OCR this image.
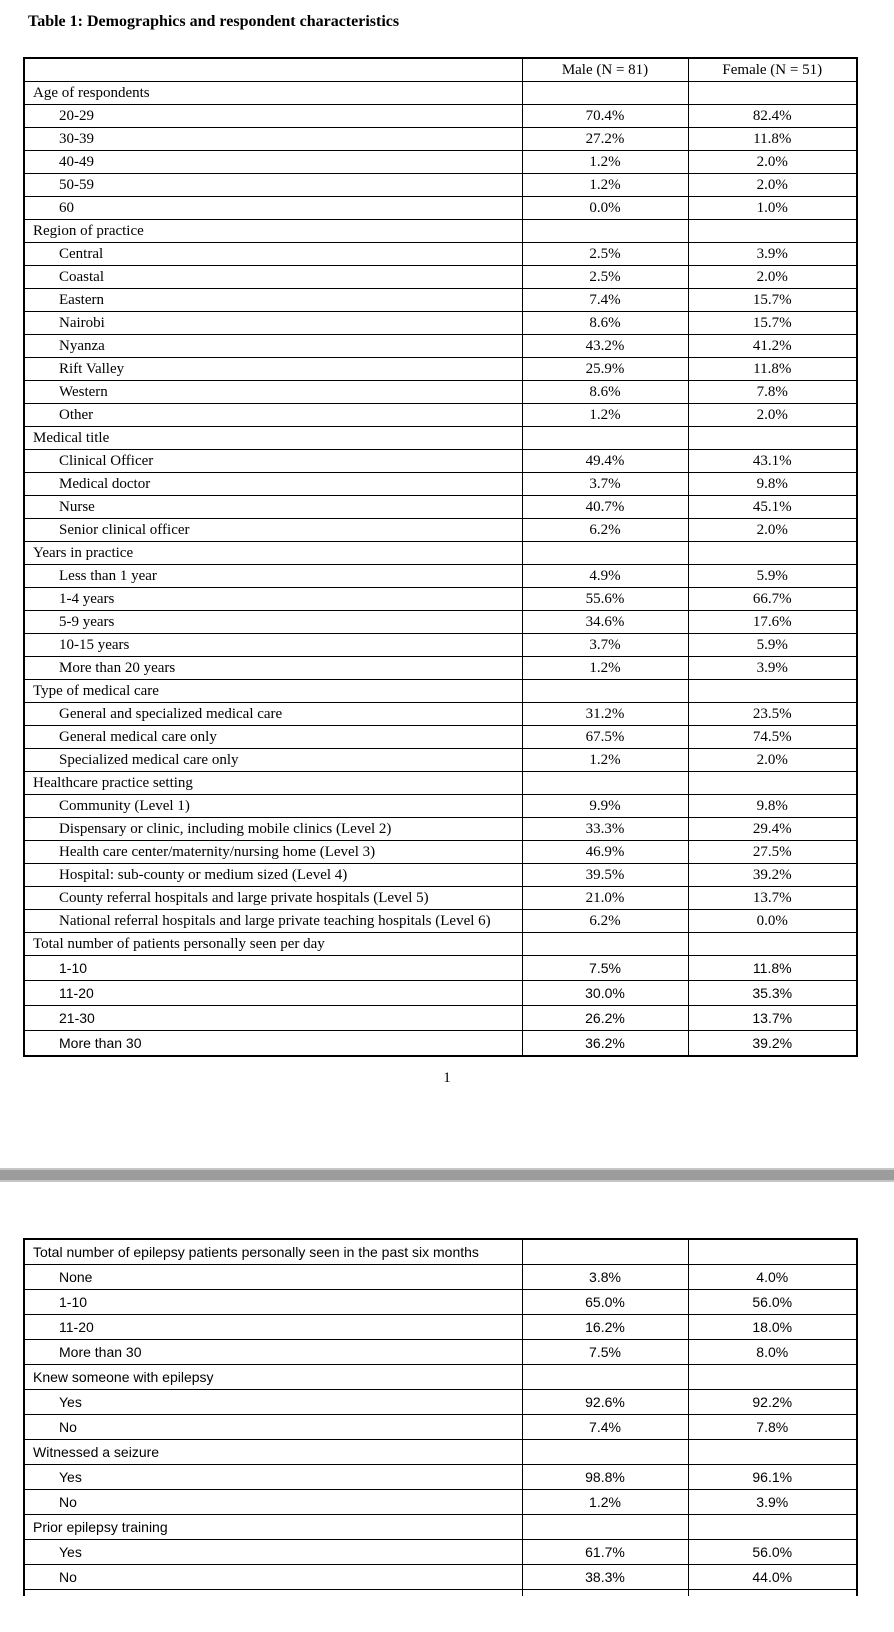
Table 1: Demographics and respondent characteristics
	Male (N = 81)	Female (N = 51)
Age of respondents		
20-29	70.4%	82.4%
30-39	27.2%	11.8%
40-49	1.2%	2.0%
50-59	1.2%	2.0%
60	0.0%	1.0%
Region of practice		
Central	2.5%	3.9%
Coastal	2.5%	2.0%
Eastern	7.4%	15.7%
Nairobi	8.6%	15.7%
Nyanza	43.2%	41.2%
Rift Valley	25.9%	11.8%
Western	8.6%	7.8%
Other	1.2%	2.0%
Medical title		
Clinical Officer	49.4%	43.1%
Medical doctor	3.7%	9.8%
Nurse	40.7%	45.1%
Senior clinical officer	6.2%	2.0%
Years in practice		
Less than 1 year	4.9%	5.9%
1-4 years	55.6%	66.7%
5-9 years	34.6%	17.6%
10-15 years	3.7%	5.9%
More than 20 years	1.2%	3.9%
Type of medical care		
General and specialized medical care	31.2%	23.5%
General medical care only	67.5%	74.5%
Specialized medical care only	1.2%	2.0%
Healthcare practice setting		
Community (Level 1)	9.9%	9.8%
Dispensary or clinic, including mobile clinics (Level 2)	33.3%	29.4%
Health care center/maternity/nursing home (Level 3)	46.9%	27.5%
Hospital: sub-county or medium sized (Level 4)	39.5%	39.2%
County referral hospitals and large private hospitals (Level 5)	21.0%	13.7%
National referral hospitals and large private teaching hospitals (Level 6)	6.2%	0.0%
Total number of patients personally seen per day		
1-10	7.5%	11.8%
11-20	30.0%	35.3%
21-30	26.2%	13.7%
More than 30	36.2%	39.2%
1
Total number of epilepsy patients personally seen in the past six months		
None	3.8%	4.0%
1-10	65.0%	56.0%
11-20	16.2%	18.0%
More than 30	7.5%	8.0%
Knew someone with epilepsy		
Yes	92.6%	92.2%
No	7.4%	7.8%
Witnessed a seizure		
Yes	98.8%	96.1%
No	1.2%	3.9%
Prior epilepsy training		
Yes	61.7%	56.0%
No	38.3%	44.0%
